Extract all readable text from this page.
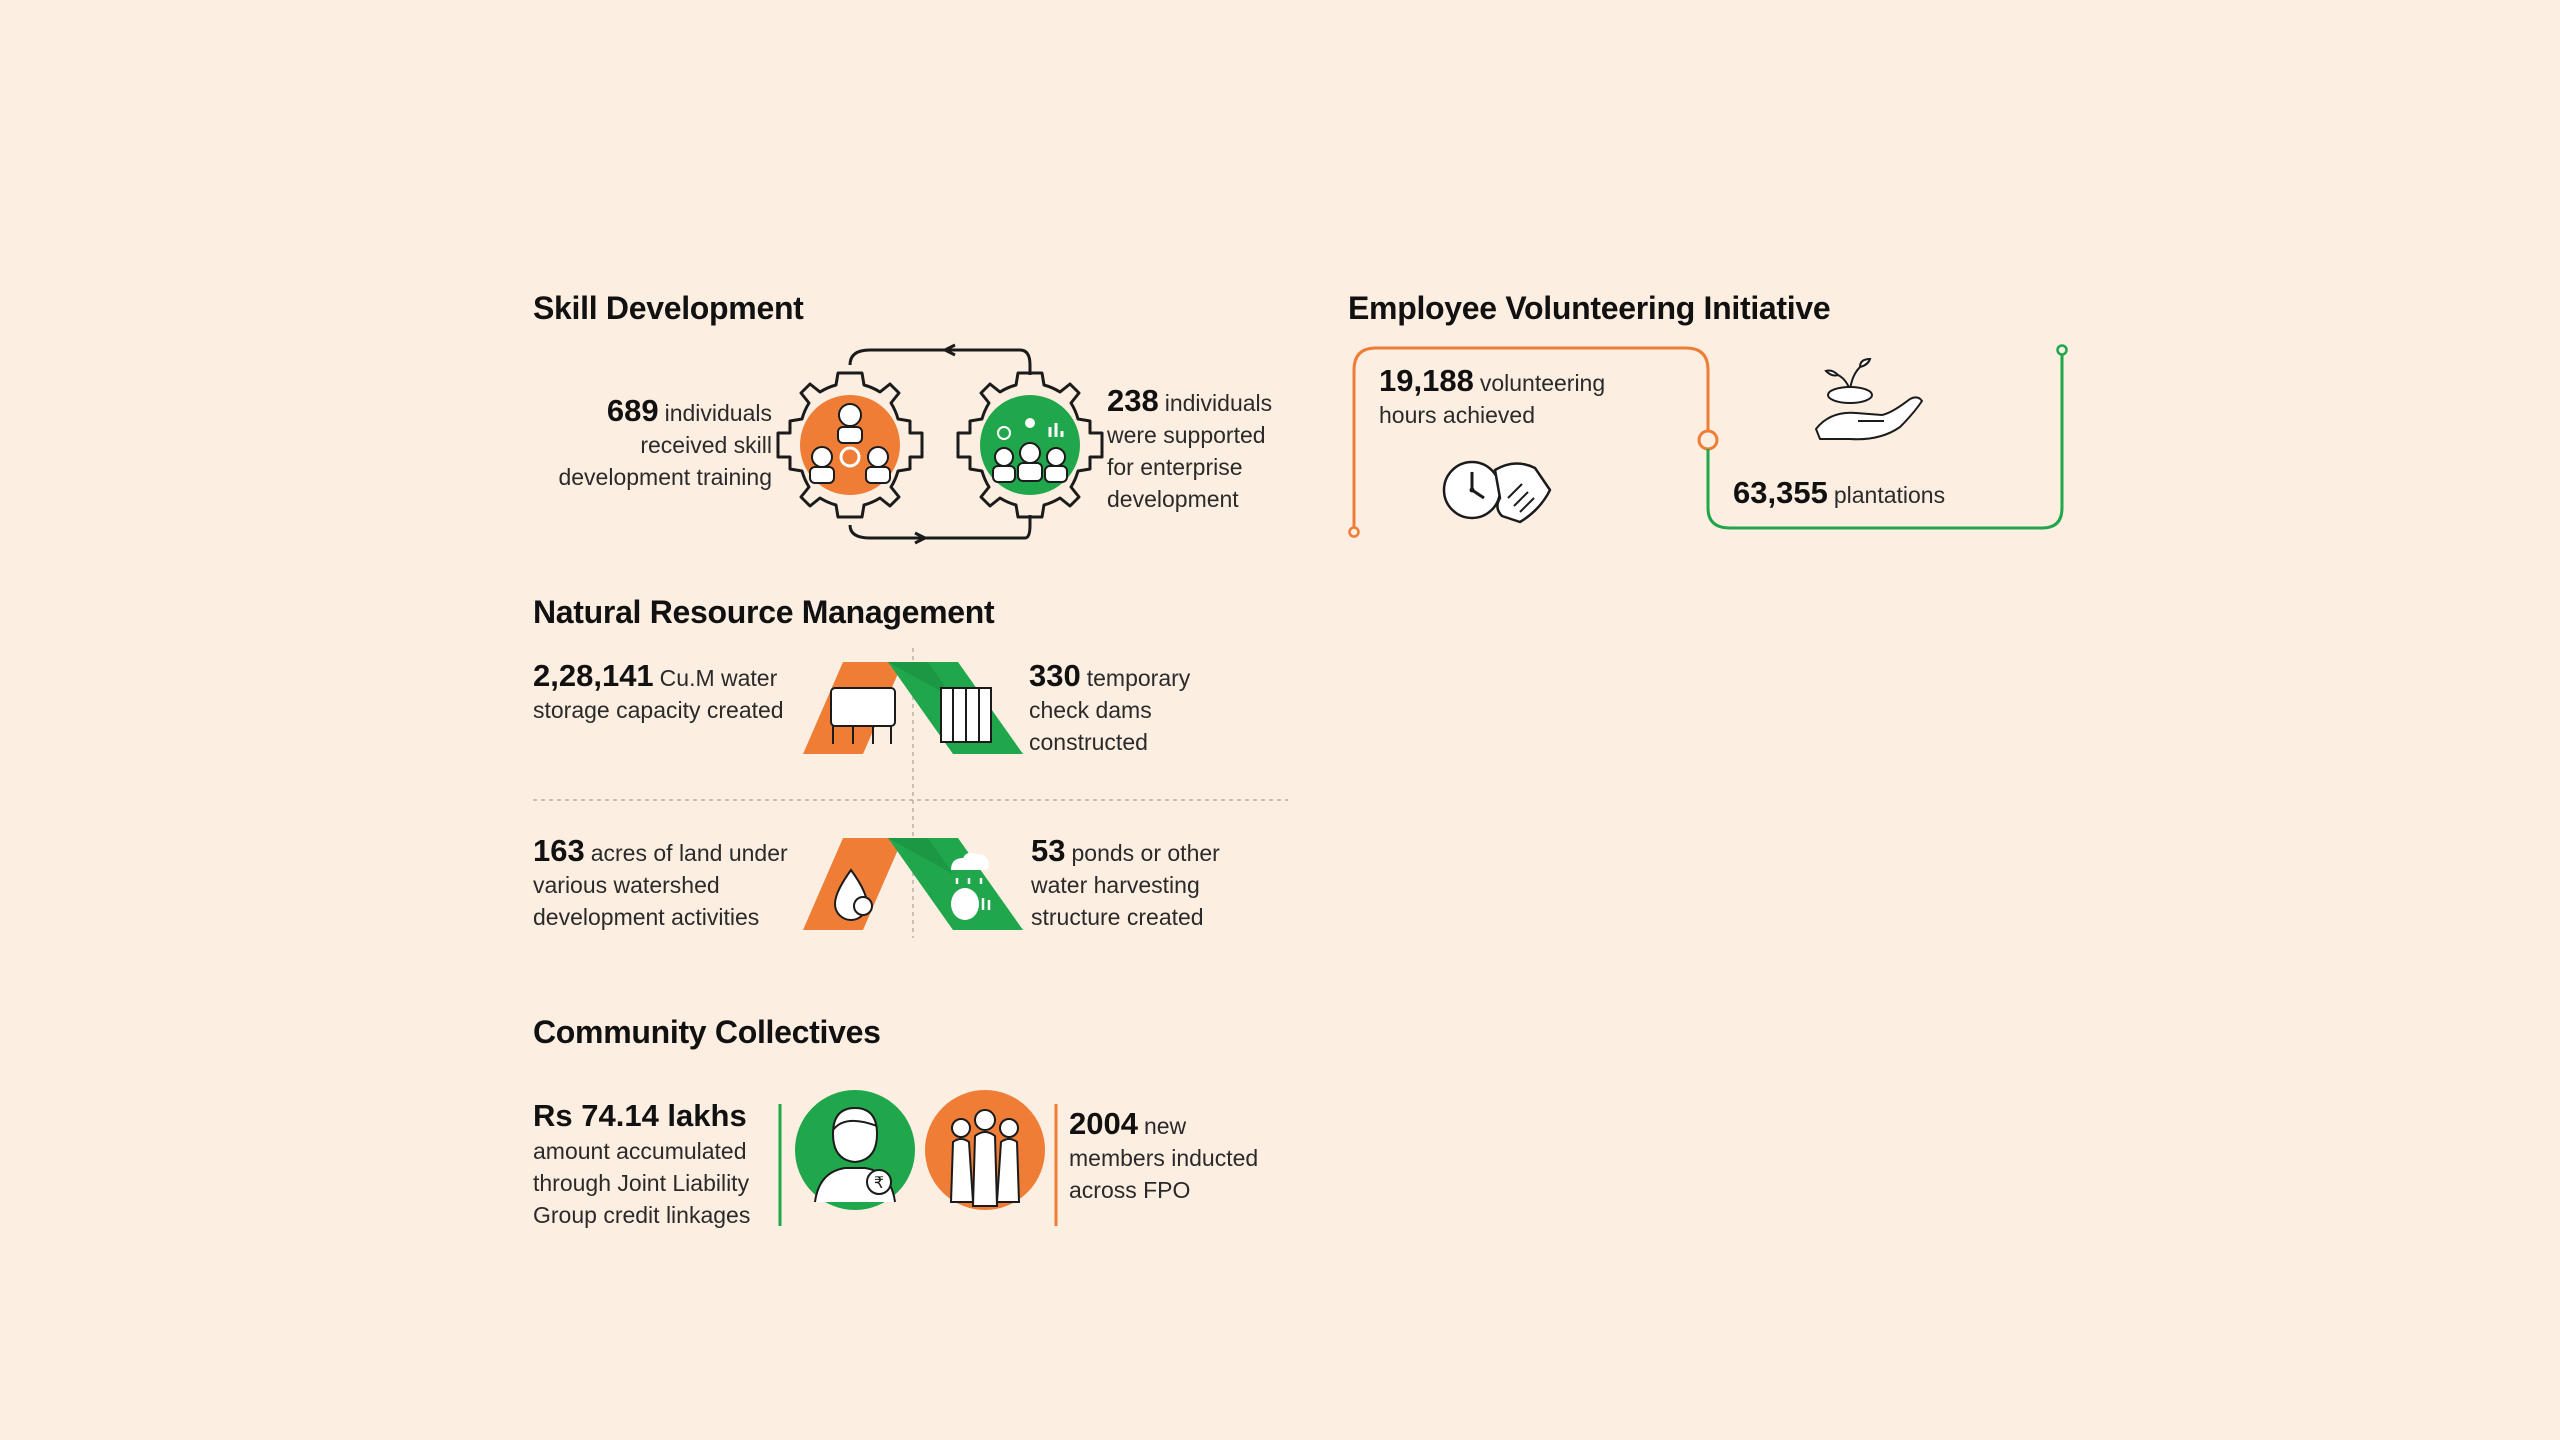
Skill Development
689 individuals
received skill
development training
238 individuals
were supported
for enterprise
development
Employee Volunteering Initiative
19,188 volunteering
hours achieved
63,355 plantations
Natural Resource Management
2,28,141 Cu.M water
storage capacity created
330 temporary
check dams
constructed
163 acres of land under
various watershed
development activities
53 ponds or other
water harvesting
structure created
Community Collectives
Rs 74.14 lakhs
amount accumulated
through Joint Liability
Group credit linkages
₹
2004 new
members inducted
across FPO
